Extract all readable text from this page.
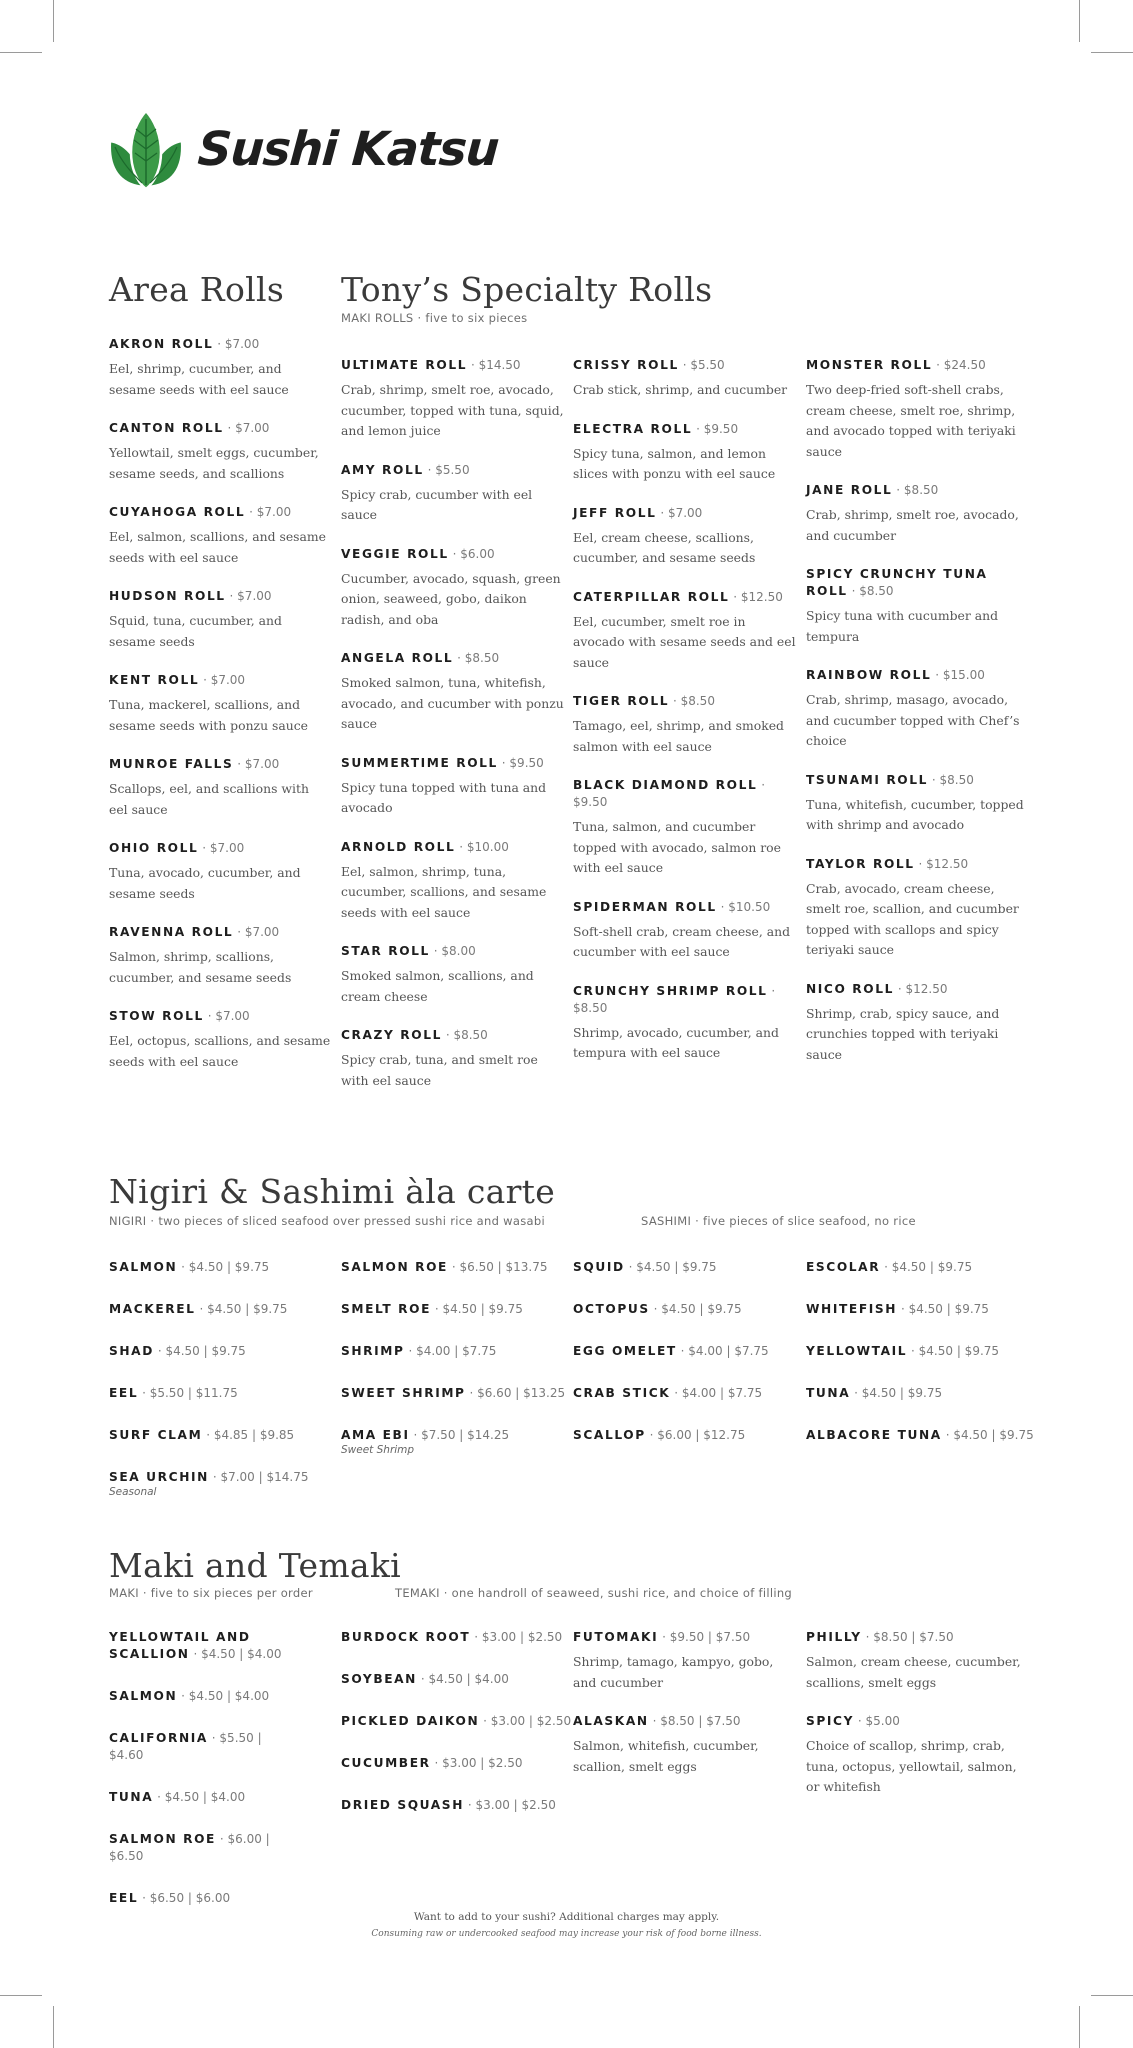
Sushi Katsu
Area Rolls Tony’s Specialty Rolls
MAKI ROLLS · five to six pieces
Nigiri & Sashimi àla carte
NIGIRI · two pieces of sliced seafood over pressed sushi rice and wasabi	SASHIMI · five pieces of slice seafood, no rice
Maki and Temaki
MAKI · five to six pieces per order	TEMAKI · one handroll of seaweed, sushi rice, and choice of filling
AKRON ROLL · $7.00
Eel, shrimp, cucumber, and sesame seeds with eel sauce
CANTON ROLL · $7.00
Yellowtail, smelt eggs, cucumber, sesame seeds, and scallions
CUYAHOGA ROLL · $7.00
Eel, salmon, scallions, and sesame seeds with eel sauce
HUDSON ROLL · $7.00
Squid, tuna, cucumber, and sesame seeds
KENT ROLL · $7.00
Tuna, mackerel, scallions, and sesame seeds with ponzu sauce
MUNROE FALLS · $7.00
Scallops, eel, and scallions with eel sauce
OHIO ROLL · $7.00
Tuna, avocado, cucumber, and sesame seeds
RAVENNA ROLL · $7.00
Salmon, shrimp, scallions, cucumber, and sesame seeds
STOW ROLL · $7.00
Eel, octopus, scallions, and sesame seeds with eel sauce
ULTIMATE ROLL · $14.50
Crab, shrimp, smelt roe, avocado, cucumber, topped with tuna, squid, and lemon juice
AMY ROLL · $5.50
Spicy crab, cucumber with eel sauce
VEGGIE ROLL · $6.00
Cucumber, avocado, squash, green onion, seaweed, gobo, daikon radish, and oba
ANGELA ROLL · $8.50
Smoked salmon, tuna, whitefish, avocado, and cucumber with ponzu sauce
SUMMERTIME ROLL · $9.50
Spicy tuna topped with tuna and avocado
ARNOLD ROLL · $10.00
Eel, salmon, shrimp, tuna, cucumber, scallions, and sesame seeds with eel sauce
STAR ROLL · $8.00
Smoked salmon, scallions, and cream cheese
CRAZY ROLL · $8.50
Spicy crab, tuna, and smelt roe with eel sauce
CRISSY ROLL · $5.50
Crab stick, shrimp, and cucumber
ELECTRA ROLL · $9.50
Spicy tuna, salmon, and lemon slices with ponzu with eel sauce
JEFF ROLL · $7.00
Eel, cream cheese, scallions, cucumber, and sesame seeds
CATERPILLAR ROLL · $12.50
Eel, cucumber, smelt roe in avocado with sesame seeds and eel sauce
TIGER ROLL · $8.50
Tamago, eel, shrimp, and smoked salmon with eel sauce
BLACK DIAMOND ROLL · $9.50
Tuna, salmon, and cucumber topped with avocado, salmon roe with eel sauce
SPIDERMAN ROLL · $10.50
Soft-shell crab, cream cheese, and cucumber with eel sauce
CRUNCHY SHRIMP ROLL · $8.50
Shrimp, avocado, cucumber, and tempura with eel sauce
MONSTER ROLL · $24.50
Two deep-fried soft-shell crabs, cream cheese, smelt roe, shrimp, and avocado topped with teriyaki sauce
JANE ROLL · $8.50
Crab, shrimp, smelt roe, avocado, and cucumber
SPICY CRUNCHY TUNA ROLL · $8.50
Spicy tuna with cucumber and tempura
RAINBOW ROLL · $15.00
Crab, shrimp, masago, avocado, and cucumber topped with Chef’s choice
TSUNAMI ROLL · $8.50
Tuna, whitefish, cucumber, topped with shrimp and avocado
TAYLOR ROLL · $12.50
Crab, avocado, cream cheese, smelt roe, scallion, and cucumber topped with scallops and spicy teriyaki sauce
NICO ROLL · $12.50
Shrimp, crab, spicy sauce, and crunchies topped with teriyaki sauce
SALMON · $4.50 | $9.75
MACKEREL · $4.50 | $9.75
SHAD · $4.50 | $9.75
EEL · $5.50 | $11.75
SURF CLAM · $4.85 | $9.85
SEA URCHIN · $7.00 | $14.75
Seasonal
SALMON ROE · $6.50 | $13.75
SMELT ROE · $4.50 | $9.75
SHRIMP · $4.00 | $7.75
SWEET SHRIMP · $6.60 | $13.25
AMA EBI · $7.50 | $14.25
Sweet Shrimp
SQUID · $4.50 | $9.75
OCTOPUS · $4.50 | $9.75
EGG OMELET · $4.00 | $7.75
CRAB STICK · $4.00 | $7.75
SCALLOP · $6.00 | $12.75
ESCOLAR · $4.50 | $9.75
WHITEFISH · $4.50 | $9.75
YELLOWTAIL · $4.50 | $9.75
TUNA · $4.50 | $9.75
ALBACORE TUNA · $4.50 | $9.75
YELLOWTAIL AND SCALLION · $4.50 | $4.00
SALMON · $4.50 | $4.00
CALIFORNIA · $5.50 | $4.60
TUNA · $4.50 | $4.00
SALMON ROE · $6.00 | $6.50
EEL · $6.50 | $6.00
BURDOCK ROOT · $3.00 | $2.50
SOYBEAN · $4.50 | $4.00
PICKLED DAIKON · $3.00 | $2.50
CUCUMBER · $3.00 | $2.50
DRIED SQUASH · $3.00 | $2.50
FUTOMAKI · $9.50 | $7.50
Shrimp, tamago, kampyo, gobo, and cucumber
ALASKAN · $8.50 | $7.50
Salmon, whitefish, cucumber, scallion, smelt eggs
PHILLY · $8.50 | $7.50
Salmon, cream cheese, cucumber, scallions, smelt eggs
SPICY · $5.00
Choice of scallop, shrimp, crab, tuna, octopus, yellowtail, salmon, or whitefish
Want to add to your sushi? Additional charges may apply.
Consuming raw or undercooked seafood may increase your risk of food borne illness.
